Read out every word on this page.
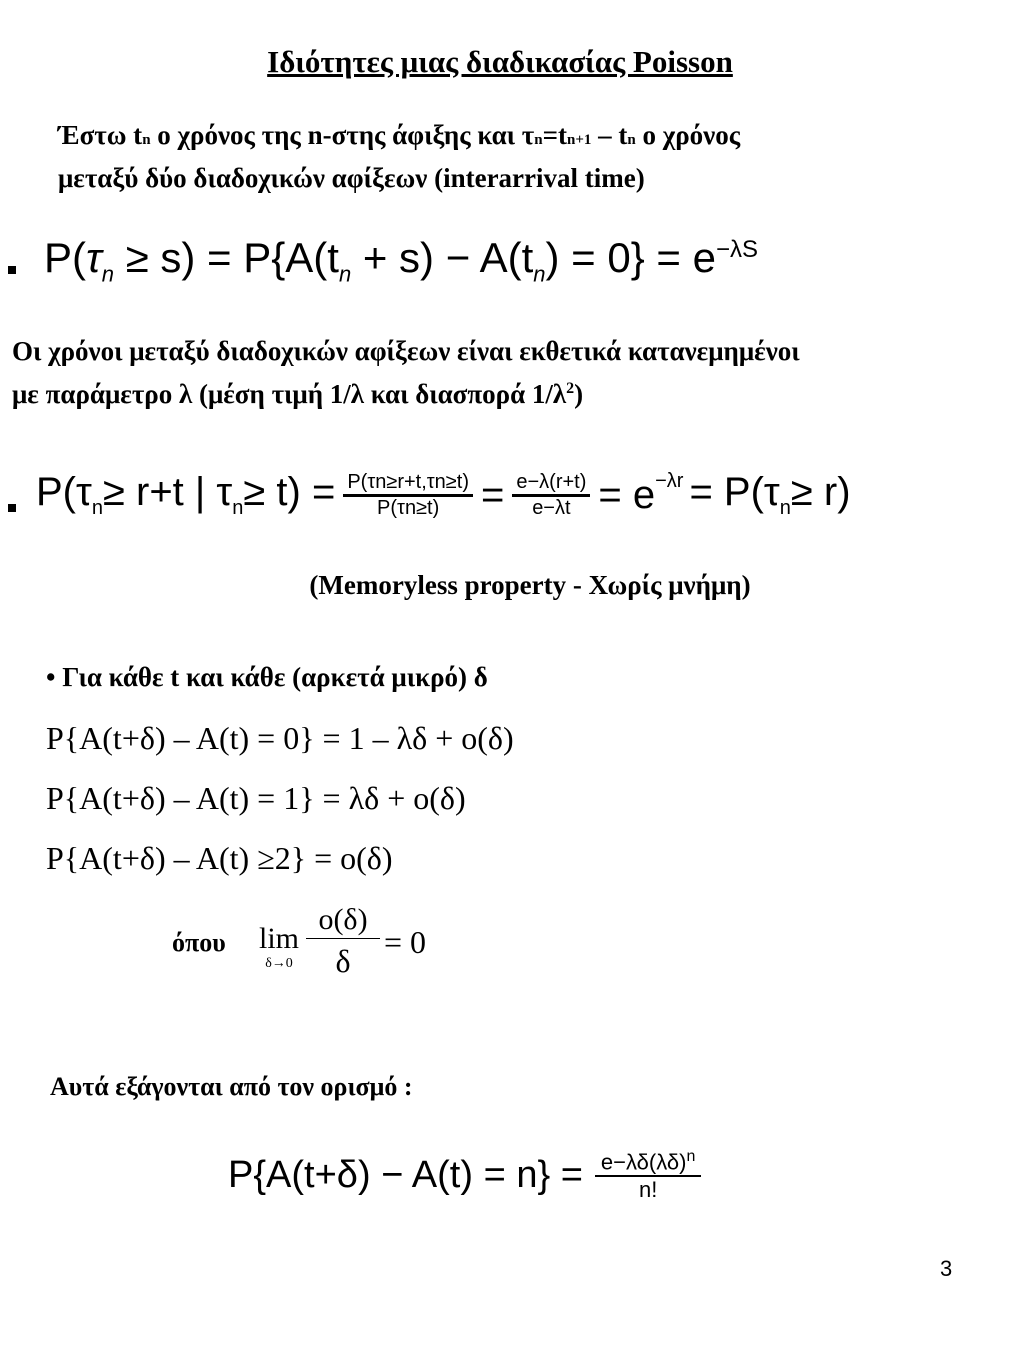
Ιδιότητες μιας διαδικασίας Poisson
Έστω tn ο χρόνος της n-στης άφιξης και τn=tn+1 – tn ο χρόνος
μεταξύ δύο διαδοχικών αφίξεων (interarrival time)
$P(\tau_n \ge s) = P\{A(t_n + s) - A(t_n) = 0\} = e^{-\lambda S}$
Οι χρόνοι μεταξύ διαδοχικών αφίξεων είναι εκθετικά κατανεμημένοι
με παράμετρο λ (μέση τιμή 1/λ και διασπορά $1/\lambda^2$)
$P(\tau_n\ge r+t$ | $\tau_n\ge t) = \frac{P(\tau n\ge r+t,\tau n\ge t)}{P(\tau n\ge t)} = \frac{e-\lambda(r+t)}{e-\lambda t} = e^{-\lambda r} = P(\tau_n\ge r)$
(Memoryless property - Χωρίς μνήμη)
• Για κάθε t και κάθε (αρκετά μικρό) δ
P{A(t+δ) – A(t) = 0} = 1 – λδ + o(δ)
P{A(t+δ) – A(t) = 1} = λδ + o(δ)
P{A(t+δ) – A(t) ≥2} = o(δ)
όπου lim
$\delta\to 0 \frac{o(\delta)}{\delta} = 0$
Αυτά εξάγονται από τον ορισμό :
$P\{A(t+\delta) - A(t) = n\} = \frac{e-\lambda\delta(\lambda\delta)^n}{n!}$
3
